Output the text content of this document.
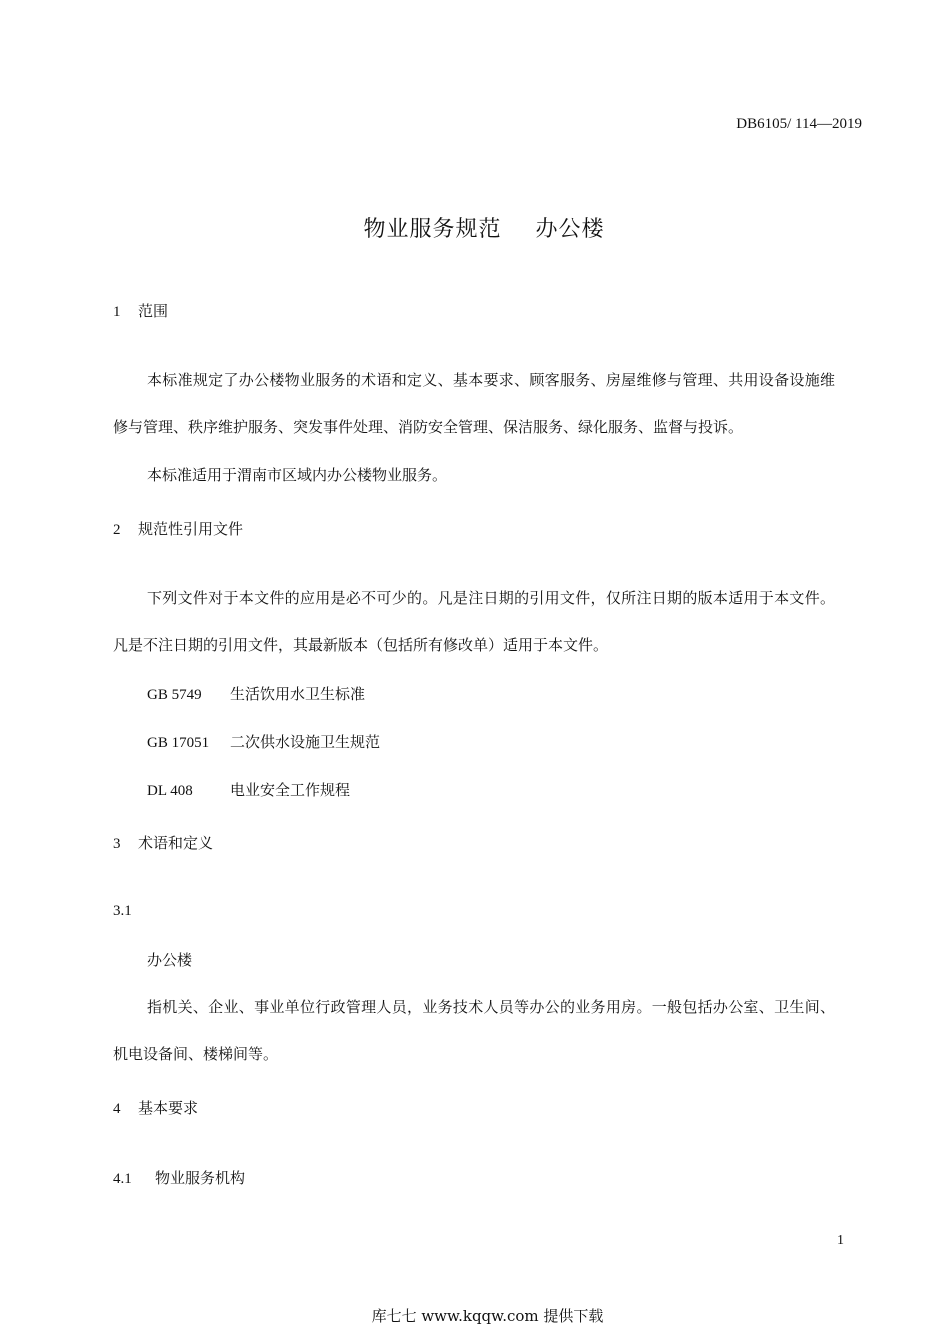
DB6105/ 114—2019
物业服务规范 办公楼
1 范围
本标准规定了办公楼物业服务的术语和定义、基本要求、顾客服务、房屋维修与管理、共用设备设施维修与管理、秩序维护服务、突发事件处理、消防安全管理、保洁服务、绿化服务、监督与投诉。
本标准适用于渭南市区域内办公楼物业服务。
2 规范性引用文件
下列文件对于本文件的应用是必不可少的。凡是注日期的引用文件，仅所注日期的版本适用于本文件。凡是不注日期的引用文件，其最新版本（包括所有修改单）适用于本文件。
GB 5749 生活饮用水卫生标准
GB 17051 二次供水设施卫生规范
DL 408 电业安全工作规程
3 术语和定义
3.1
办公楼
指机关、企业、事业单位行政管理人员，业务技术人员等办公的业务用房。一般包括办公室、卫生间、机电设备间、楼梯间等。
4 基本要求
4.1 物业服务机构
1
库七七 www.kqqw.com 提供下载
